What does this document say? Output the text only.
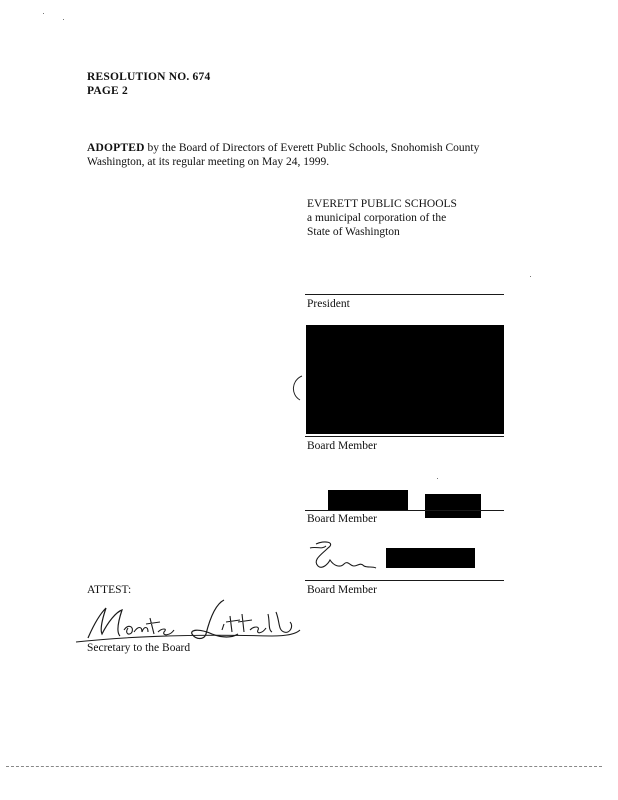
RESOLUTION NO. 674
PAGE 2
ADOPTED by the Board of Directors of Everett Public Schools, Snohomish County
Washington, at its regular meeting on May 24, 1999.
EVERETT PUBLIC SCHOOLS
a municipal corporation of the
State of Washington
President
Board Member
Board Member
Board Member
ATTEST:
Secretary to the Board
